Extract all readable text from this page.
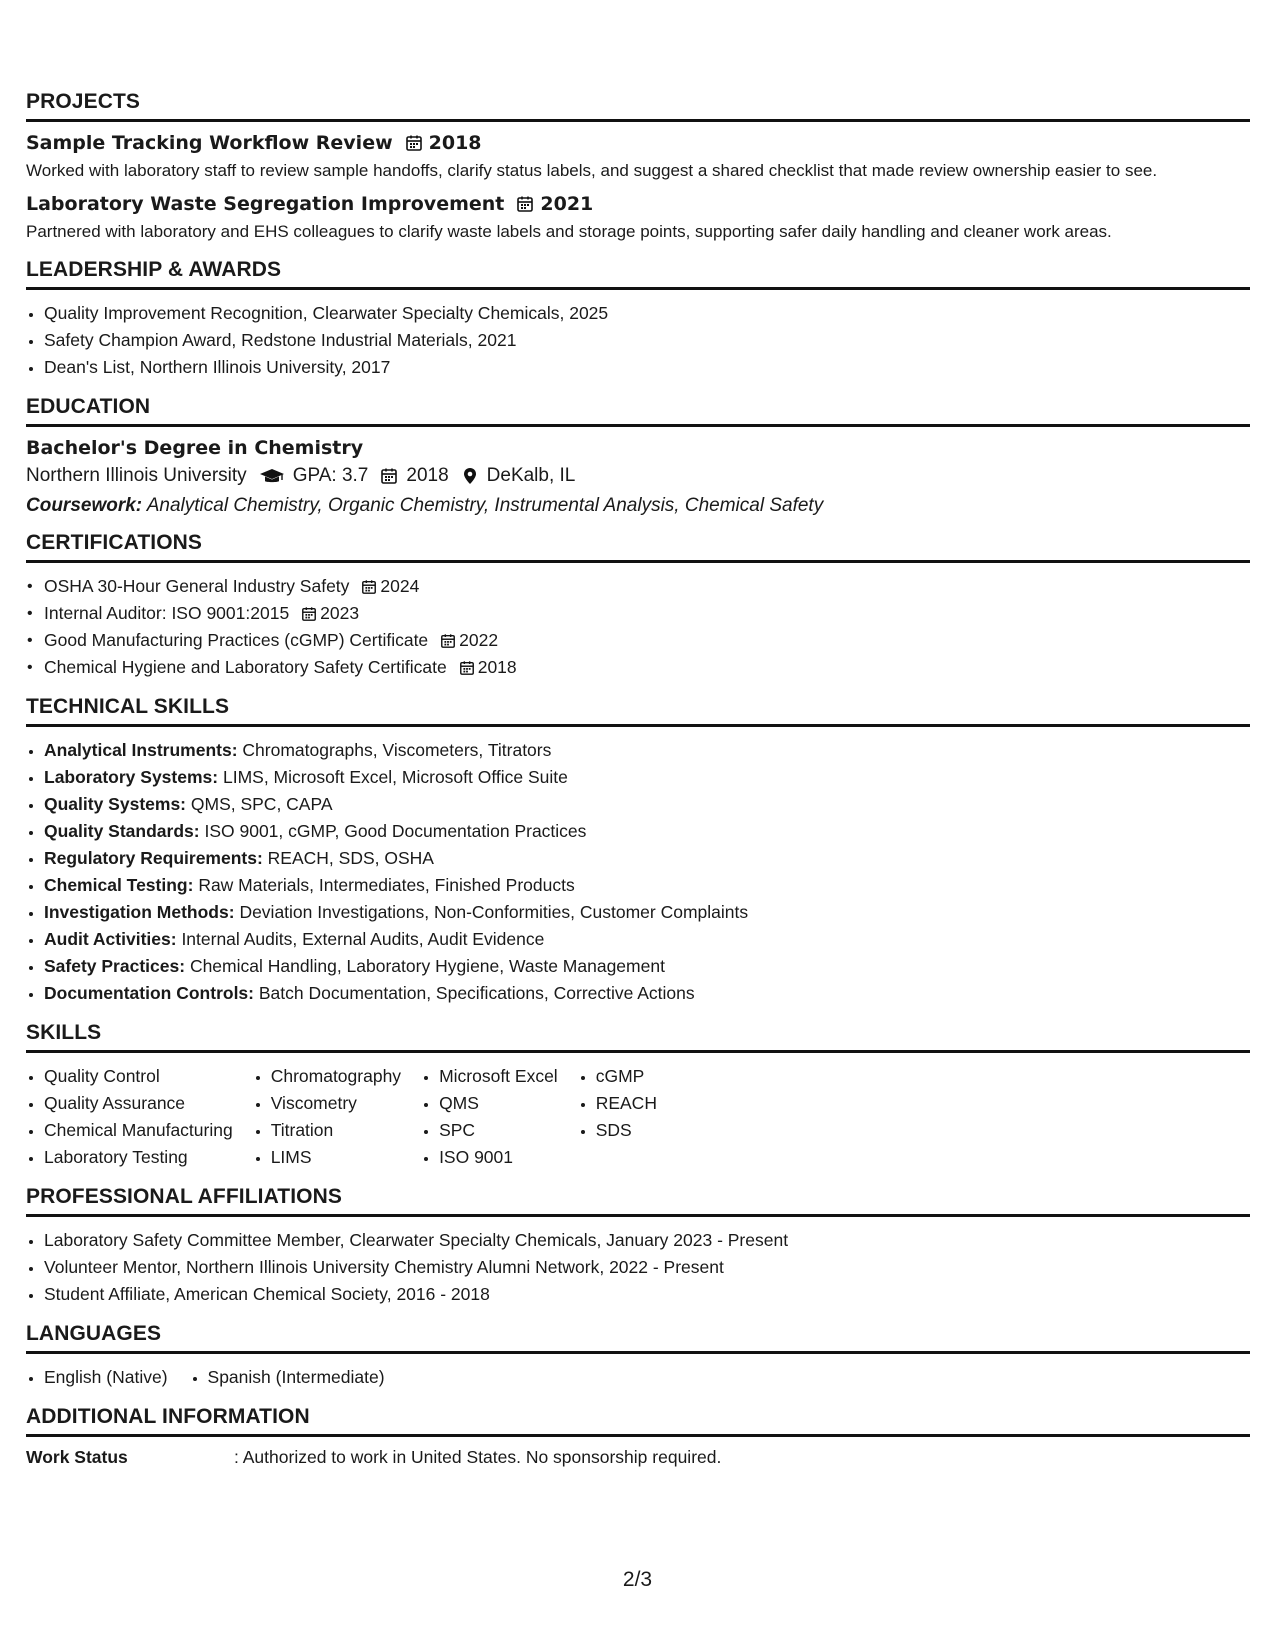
PROJECTS
Sample Tracking Workflow Review 2018
Worked with laboratory staff to review sample handoffs, clarify status labels, and suggest a shared checklist that made review ownership easier to see.
Laboratory Waste Segregation Improvement 2021
Partnered with laboratory and EHS colleagues to clarify waste labels and storage points, supporting safer daily handling and cleaner work areas.
LEADERSHIP & AWARDS
• Quality Improvement Recognition, Clearwater Specialty Chemicals, 2025
• Safety Champion Award, Redstone Industrial Materials, 2021
• Dean's List, Northern Illinois University, 2017
EDUCATION
Bachelor's Degree in Chemistry
Northern Illinois University GPA: 3.7 2018 DeKalb, IL
Coursework: Analytical Chemistry, Organic Chemistry, Instrumental Analysis, Chemical Safety
CERTIFICATIONS
• OSHA 30-Hour General Industry Safety 2024
• Internal Auditor: ISO 9001:2015 2023
• Good Manufacturing Practices (cGMP) Certificate 2022
• Chemical Hygiene and Laboratory Safety Certificate 2018
TECHNICAL SKILLS
• Analytical Instruments: Chromatographs, Viscometers, Titrators
• Laboratory Systems: LIMS, Microsoft Excel, Microsoft Office Suite
• Quality Systems: QMS, SPC, CAPA
• Quality Standards: ISO 9001, cGMP, Good Documentation Practices
• Regulatory Requirements: REACH, SDS, OSHA
• Chemical Testing: Raw Materials, Intermediates, Finished Products
• Investigation Methods: Deviation Investigations, Non-Conformities, Customer Complaints
• Audit Activities: Internal Audits, External Audits, Audit Evidence
• Safety Practices: Chemical Handling, Laboratory Hygiene, Waste Management
• Documentation Controls: Batch Documentation, Specifications, Corrective Actions
SKILLS
• Quality Control
• Quality Assurance
• Chemical Manufacturing
• Laboratory Testing
• Chromatography
• Viscometry
• Titration
• LIMS
• Microsoft Excel
• QMS
• SPC
• ISO 9001
• cGMP
• REACH
• SDS
PROFESSIONAL AFFILIATIONS
• Laboratory Safety Committee Member, Clearwater Specialty Chemicals, January 2023 - Present
• Volunteer Mentor, Northern Illinois University Chemistry Alumni Network, 2022 - Present
• Student Affiliate, American Chemical Society, 2016 - 2018
LANGUAGES
• English (Native)
• Spanish (Intermediate)
ADDITIONAL INFORMATION
Work Status	: Authorized to work in United States. No sponsorship required.
2/3
